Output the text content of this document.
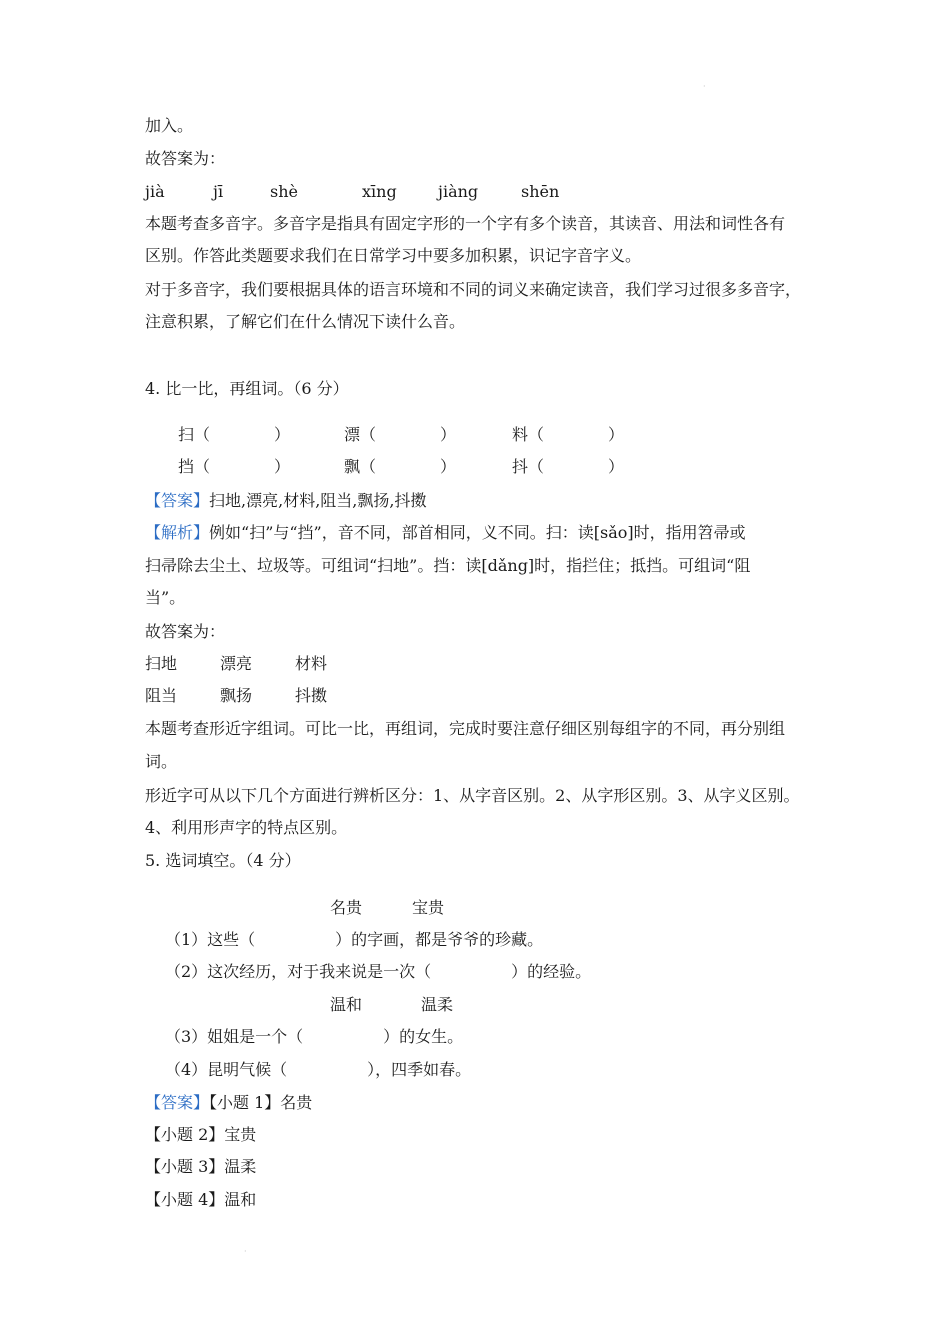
·
加入。
故答案为：
jià	jī	shè	xīng	jiàng	shēn
本题考查多音字。多音字是指具有固定字形的一个字有多个读音，其读音、用法和词性各有
区别。作答此类题要求我们在日常学习中要多加积累，识记字音字义。
对于多音字，我们要根据具体的语言环境和不同的词义来确定读音，我们学习过很多多音字，
注意积累，了解它们在什么情况下读什么音。
4. 比一比，再组词。（6 分）
扫（　　　　）	漂（　　　　）	料（　　　　）
挡（　　　　）	飘（　　　　）	抖（　　　　）
【答案】扫地,漂亮,材料,阻当,飘扬,抖擞
【解析】例如“扫”与“挡”，音不同，部首相同，义不同。扫：读[sǎo]时，指用笤帚或
扫帚除去尘土、垃圾等。可组词“扫地”。挡：读[dǎng]时，指拦住；抵挡。可组词“阻
当”。
故答案为：
扫地	漂亮	材料
阻当	飘扬	抖擞
本题考查形近字组词。可比一比，再组词，完成时要注意仔细区别每组字的不同，再分别组
词。
形近字可从以下几个方面进行辨析区分：1、从字音区别。2、从字形区别。3、从字义区别。
4、利用形声字的特点区别。
5. 选词填空。（4 分）
名贵	宝贵
（1）这些（　　　　　）的字画，都是爷爷的珍藏。
（2）这次经历，对于我来说是一次（　　　　　）的经验。
温和	温柔
（3）姐姐是一个（　　　　　）的女生。
（4）昆明气候（　　　　　），四季如春。
【答案】【小题 1】名贵
【小题 2】宝贵
【小题 3】温柔
【小题 4】温和
·
